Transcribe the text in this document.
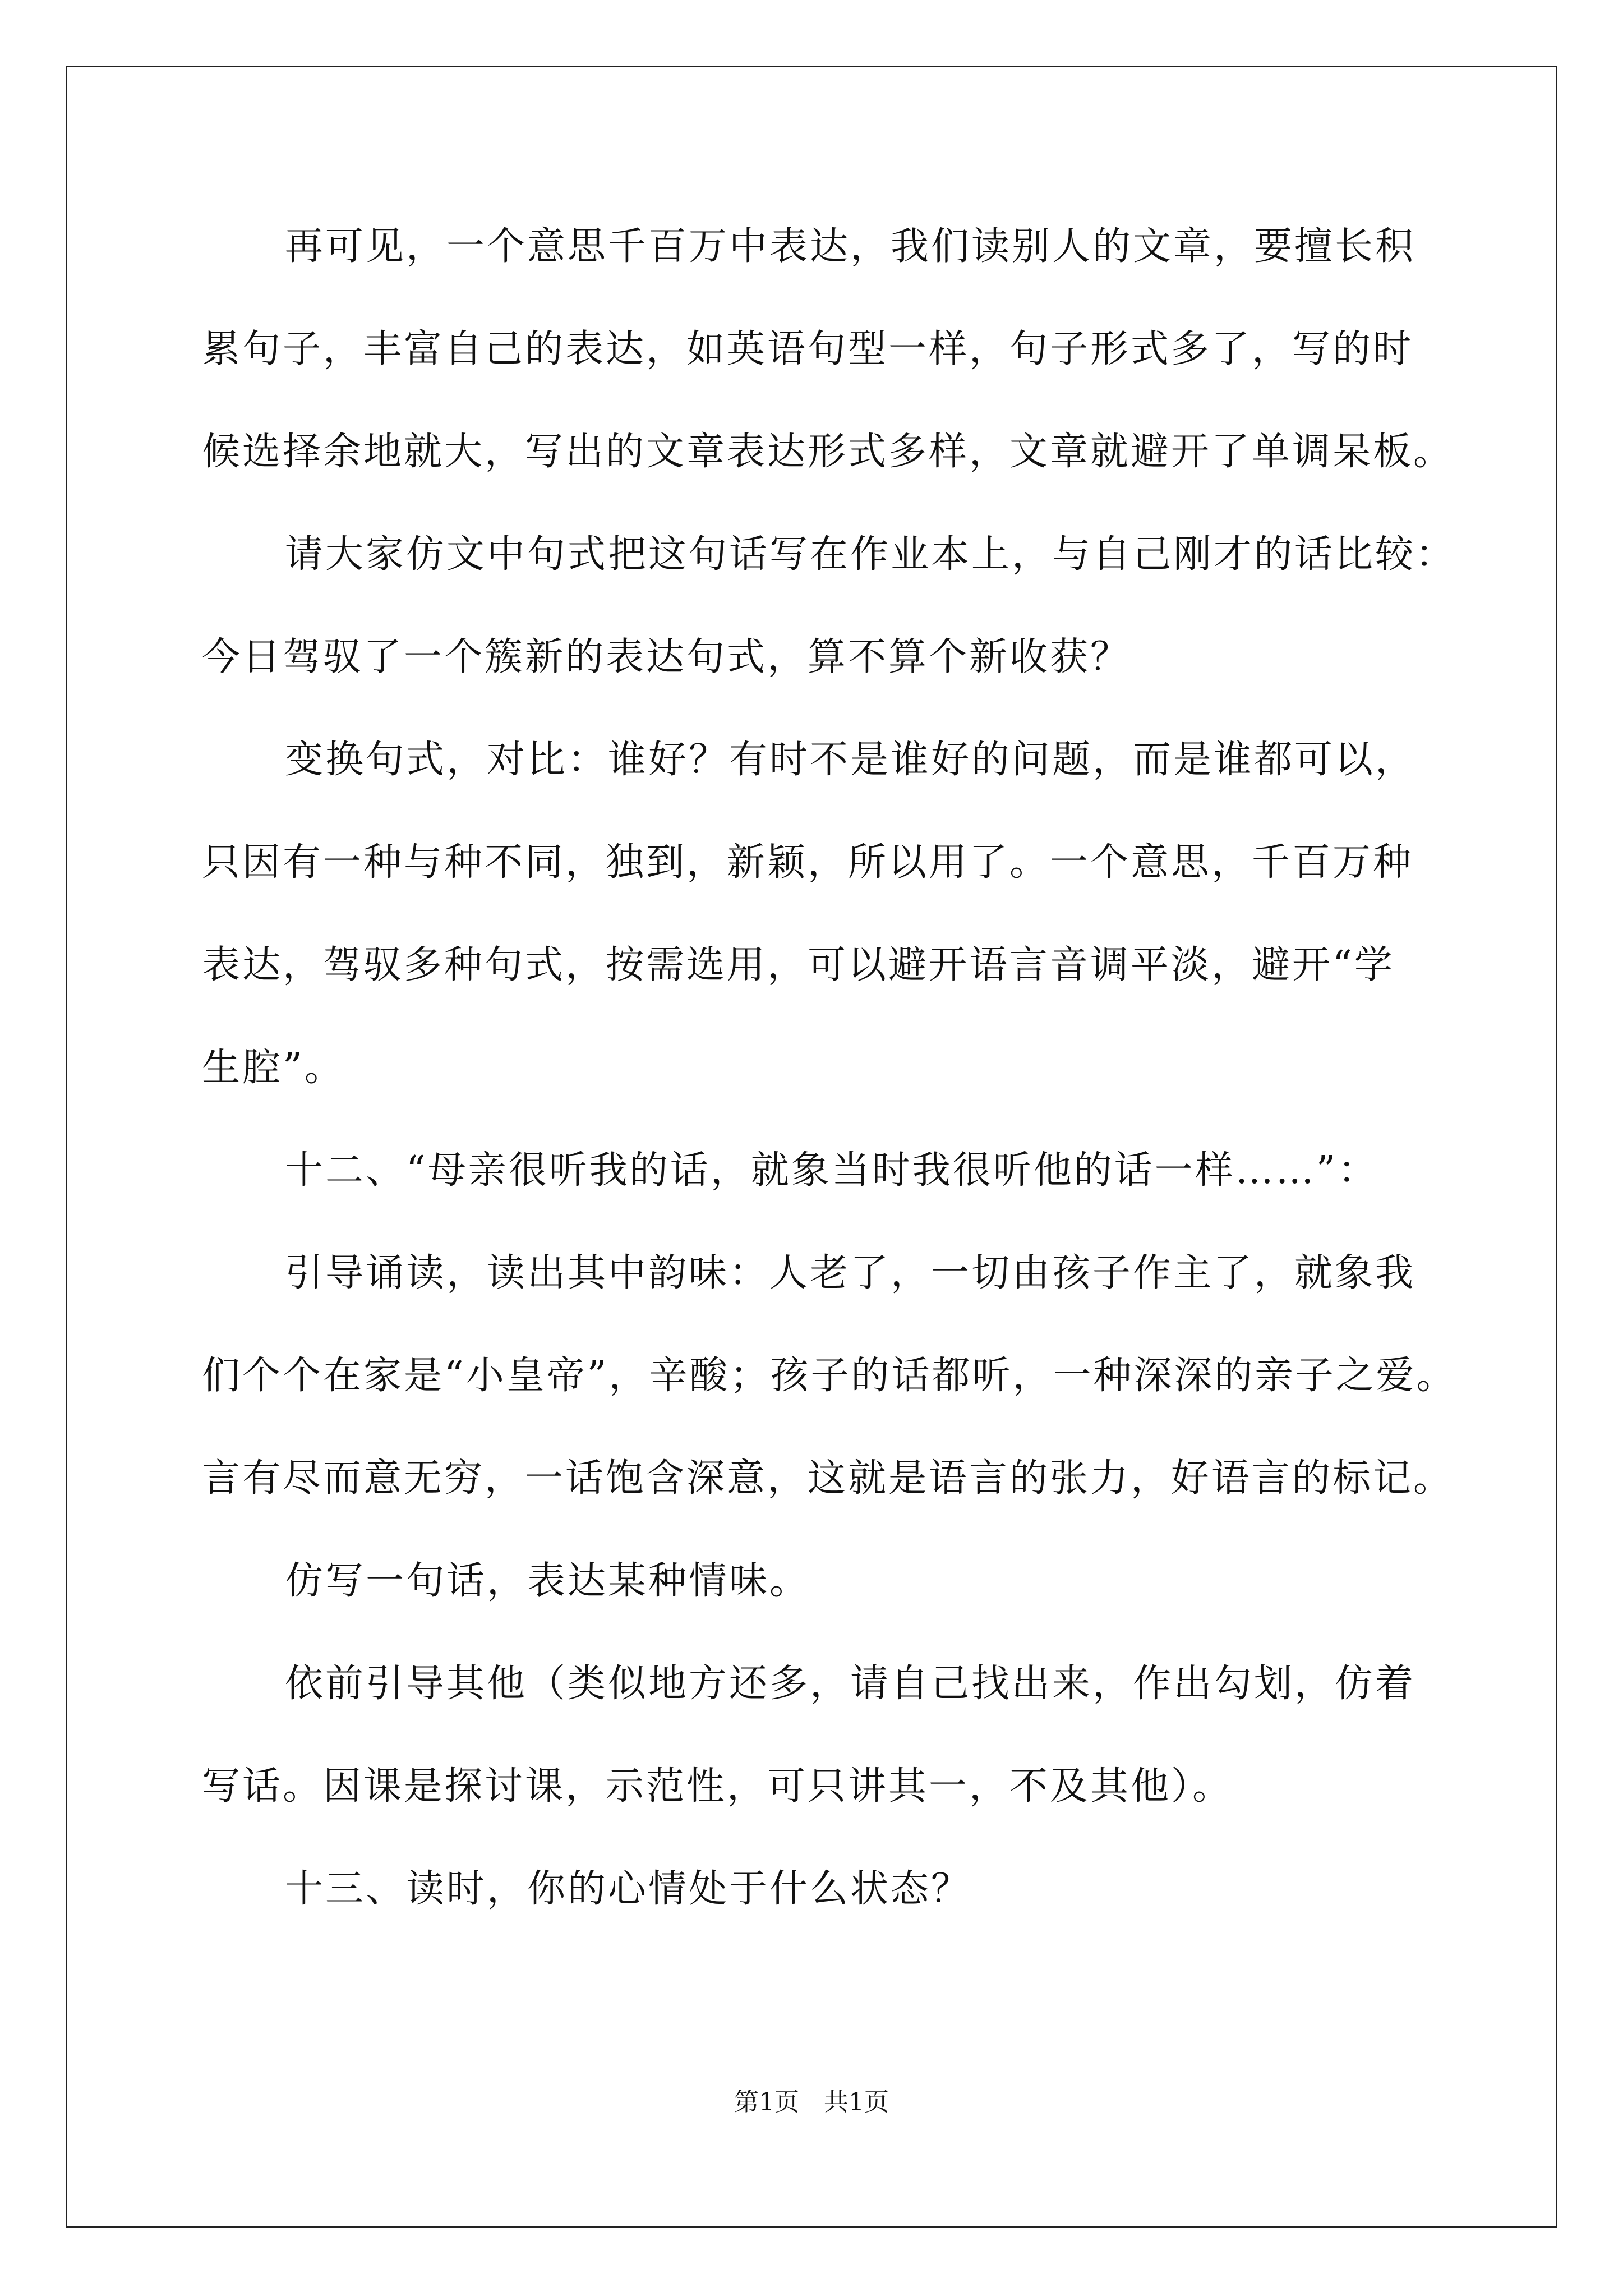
再可见，一个意思千百万中表达，我们读别人的文章，要擅长积
累句子，丰富自己的表达，如英语句型一样，句子形式多了，写的时
候选择余地就大，写出的文章表达形式多样，文章就避开了单调呆板。
请大家仿文中句式把这句话写在作业本上，与自己刚才的话比较：
今日驾驭了一个簇新的表达句式，算不算个新收获？
变换句式，对比：谁好？有时不是谁好的问题，而是谁都可以，
只因有一种与种不同，独到，新颖，所以用了。一个意思，千百万种
表达，驾驭多种句式，按需选用，可以避开语言音调平淡，避开“学
生腔”。
十二、“母亲很听我的话，就象当时我很听他的话一样……”：
引导诵读，读出其中韵味：人老了，一切由孩子作主了，就象我
们个个在家是“小皇帝”，辛酸；孩子的话都听，一种深深的亲子之爱。
言有尽而意无穷，一话饱含深意，这就是语言的张力，好语言的标记。
仿写一句话，表达某种情味。
依前引导其他（类似地方还多，请自己找出来，作出勾划，仿着
写话。因课是探讨课，示范性，可只讲其一，不及其他）。
十三、读时，你的心情处于什么状态？
第1页　共1页
